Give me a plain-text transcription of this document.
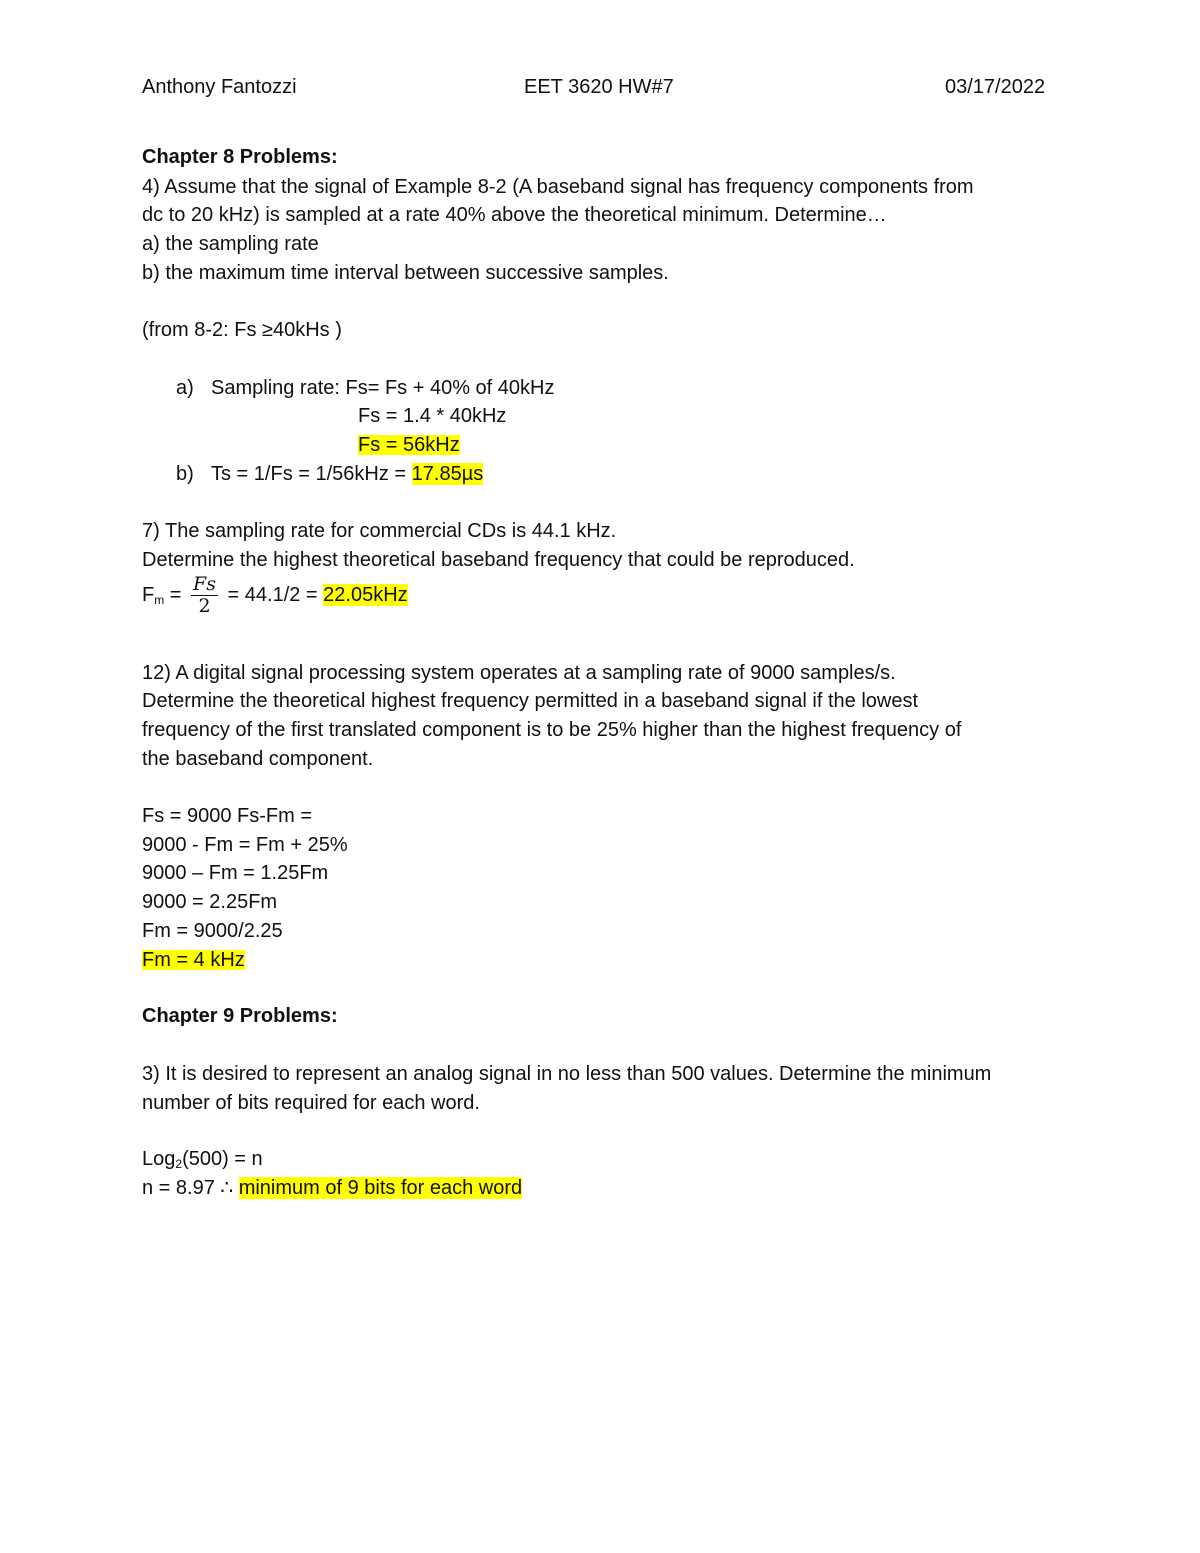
Anthony Fantozzi	EET 3620 HW#7	03/17/2022
Chapter 8 Problems:
4) Assume that the signal of Example 8-2 (A baseband signal has frequency components from
dc to 20 kHz) is sampled at a rate 40% above the theoretical minimum. Determine…
a) the sampling rate
b) the maximum time interval between successive samples.
(from 8-2: Fs ≥40kHs )
a) Sampling rate: Fs= Fs + 40% of 40kHz
Fs = 1.4 * 40kHz
Fs = 56kHz
b) Ts = 1/Fs = 1/56kHz = 17.85µs
7) The sampling rate for commercial CDs is 44.1 kHz.
Determine the highest theoretical baseband frequency that could be reproduced.
$F_m = \frac{Fs}{2} = 44.1/2 = 22.05kHz$
12) A digital signal processing system operates at a sampling rate of 9000 samples/s.
Determine the theoretical highest frequency permitted in a baseband signal if the lowest
frequency of the first translated component is to be 25% higher than the highest frequency of
the baseband component.
Fs = 9000 Fs-Fm =
9000 - Fm = Fm + 25%
9000 – Fm = 1.25Fm
9000 = 2.25Fm
Fm = 9000/2.25
Fm = 4 kHz
Chapter 9 Problems:
3) It is desired to represent an analog signal in no less than 500 values. Determine the minimum
number of bits required for each word.
Log$_2$(500) = n
n = 8.97 ∴ minimum of 9 bits for each word
